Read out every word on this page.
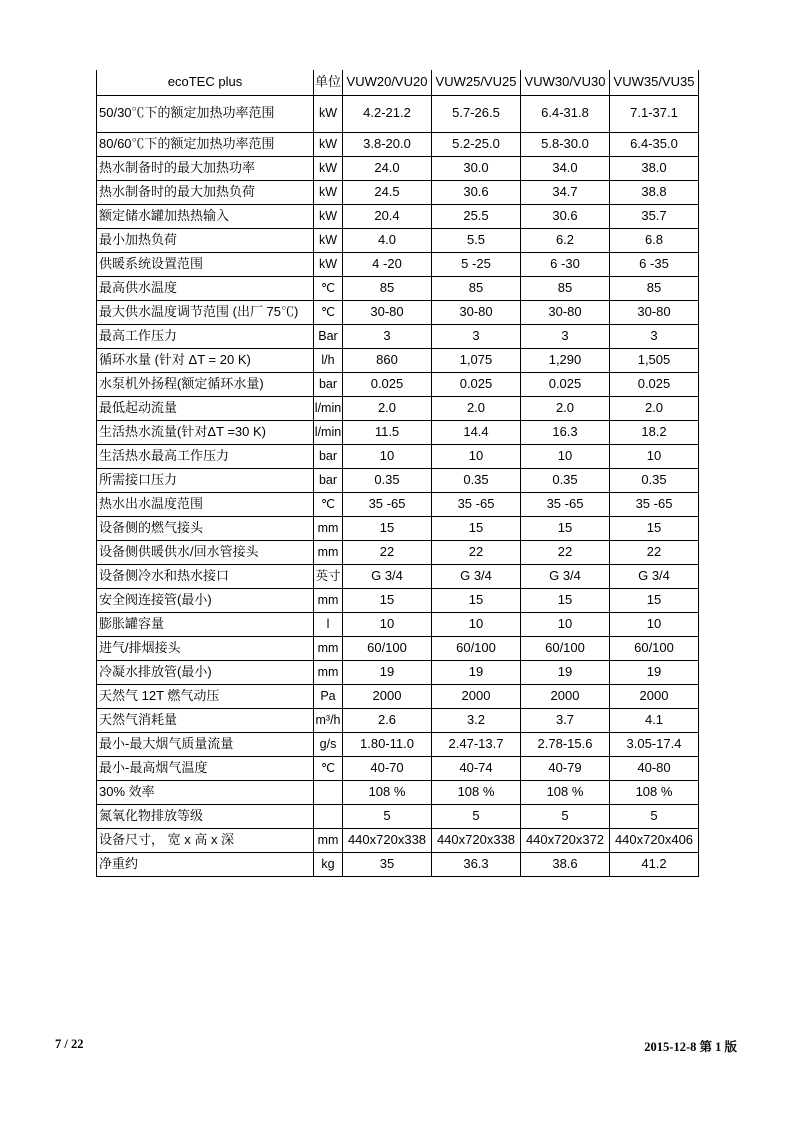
ecoTEC plus	单位	VUW20/VU20	VUW25/VU25	VUW30/VU30	VUW35/VU35
50/30℃下的额定加热功率范围	kW	4.2-21.2	5.7-26.5	6.4-31.8	7.1-37.1
80/60℃下的额定加热功率范围	kW	3.8-20.0	5.2-25.0	5.8-30.0	6.4-35.0
热水制备时的最大加热功率	kW	24.0	30.0	34.0	38.0
热水制备时的最大加热负荷	kW	24.5	30.6	34.7	38.8
额定储水罐加热热输入	kW	20.4	25.5	30.6	35.7
最小加热负荷	kW	4.0	5.5	6.2	6.8
供暖系统设置范围	kW	4 -20	5 -25	6 -30	6 -35
最高供水温度	℃	85	85	85	85
最大供水温度调节范围 (出厂 75℃)	℃	30-80	30-80	30-80	30-80
最高工作压力	Bar	3	3	3	3
循环水量 (针对 ΔT = 20 K)	l/h	860	1,075	1,290	1,505
水泵机外扬程(额定循环水量)	bar	0.025	0.025	0.025	0.025
最低起动流量	l/min	2.0	2.0	2.0	2.0
生活热水流量(针对ΔT =30 K)	l/min	11.5	14.4	16.3	18.2
生活热水最高工作压力	bar	10	10	10	10
所需接口压力	bar	0.35	0.35	0.35	0.35
热水出水温度范围	℃	35 -65	35 -65	35 -65	35 -65
设备侧的燃气接头	mm	15	15	15	15
设备侧供暖供水/回水管接头	mm	22	22	22	22
设备侧冷水和热水接口	英寸	G 3/4	G 3/4	G 3/4	G 3/4
安全阀连接管(最小)	mm	15	15	15	15
膨胀罐容量	l	10	10	10	10
进气/排烟接头	mm	60/100	60/100	60/100	60/100
冷凝水排放管(最小)	mm	19	19	19	19
天然气 12T 燃气动压	Pa	2000	2000	2000	2000
天然气消耗量	m³/h	2.6	3.2	3.7	4.1
最小-最大烟气质量流量	g/s	1.80-11.0	2.47-13.7	2.78-15.6	3.05-17.4
最小-最高烟气温度	℃	40-70	40-74	40-79	40-80
30% 效率		108 %	108 %	108 %	108 %
氮氧化物排放等级		5	5	5	5
设备尺寸， 宽 x 高 x 深	mm	440x720x338	440x720x338	440x720x372	440x720x406
净重约	kg	35	36.3	38.6	41.2
7 / 22	2015-12-8 第 1 版
